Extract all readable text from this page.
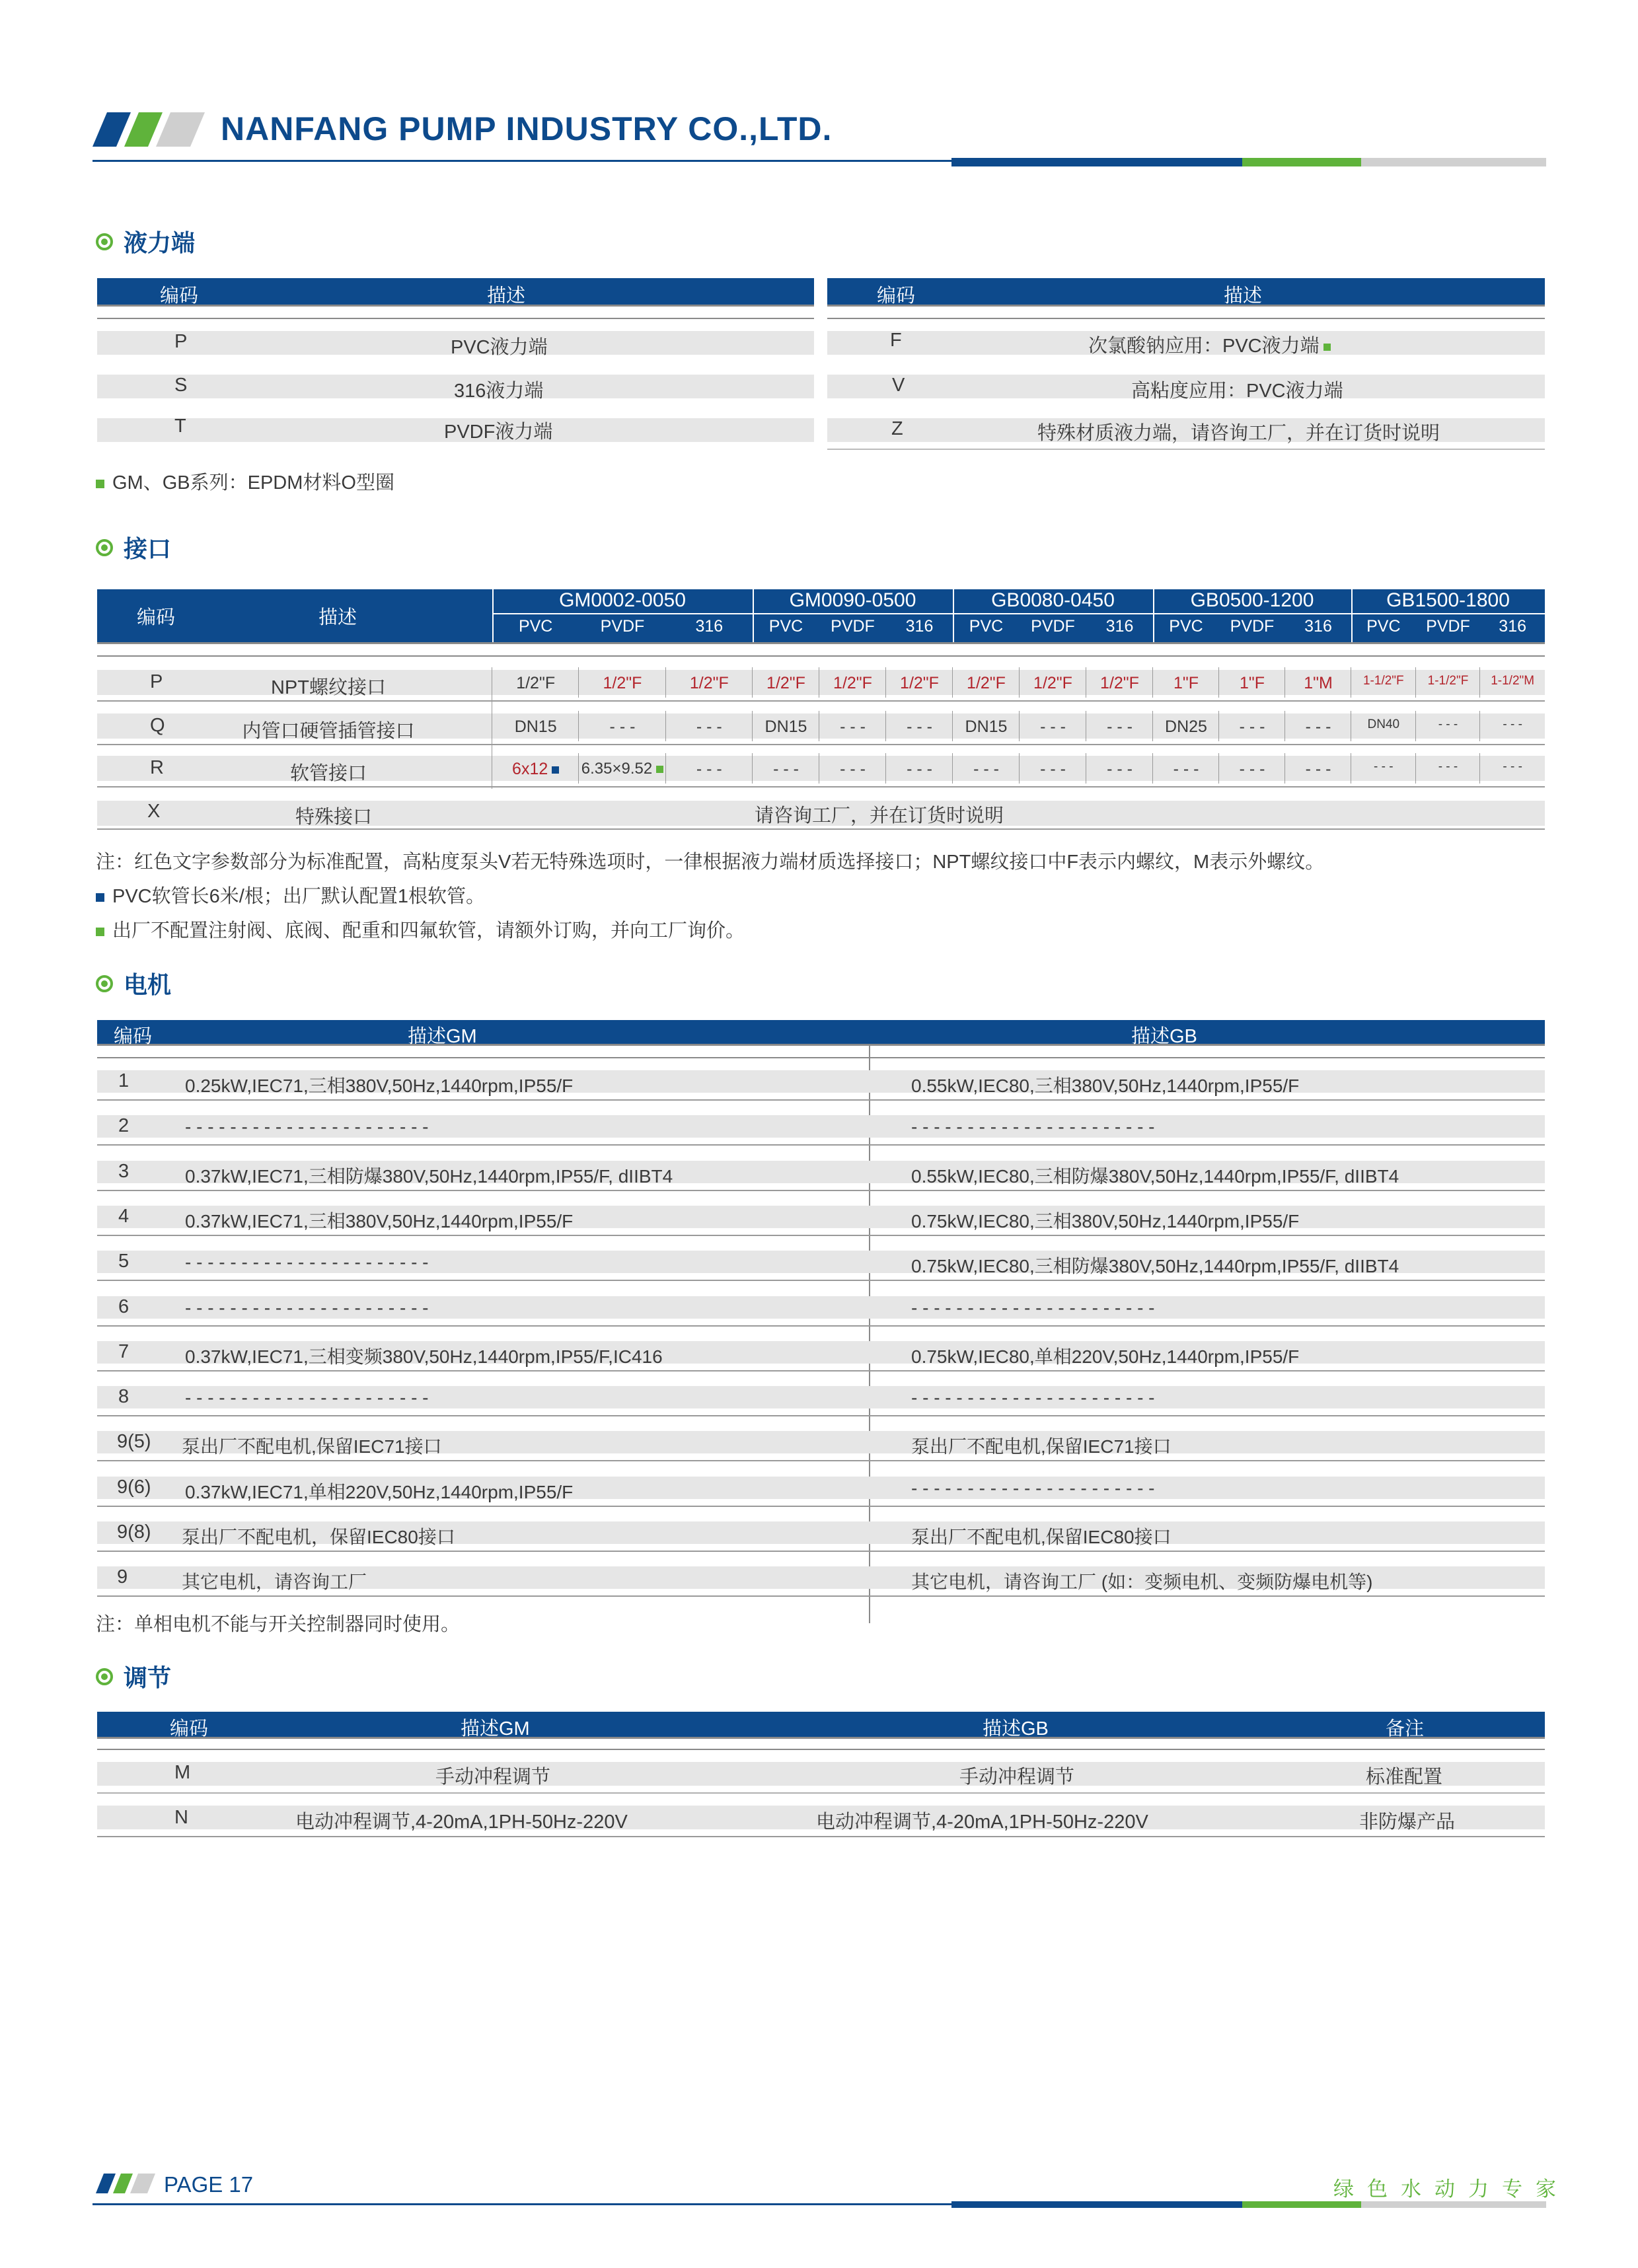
NANFANG PUMP INDUSTRY CO.,LTD.
液力端
编码	描述
P	PVC液力端
S	316液力端
T	PVDF液力端
编码	描述
F	次氯酸钠应用：PVC液力端
V	高粘度应用：PVC液力端
Z	特殊材质液力端，请咨询工厂，并在订货时说明
GM、GB系列：EPDM材料O型圈
接口
编码	描述
GM0002-0050
PVC	PVDF	316
GM0090-0500
PVC	PVDF	316
GB0080-0450
PVC	PVDF	316
GB0500-1200
PVC	PVDF	316
GB1500-1800
PVC	PVDF	316
P	NPT螺纹接口	1/2"F	1/2"F	1/2"F	1/2"F	1/2"F	1/2"F	1/2"F	1/2"F	1/2"F	1"F	1"F	1"M	1-1/2"F	1-1/2"F	1-1/2"M
Q	内管口硬管插管接口	DN15	- - -	- - -	DN15	- - -	- - -	DN15	- - -	- - -	DN25	- - -	- - -	DN40	- - -	- - -
R	软管接口	6x12	6.35×9.52	- - -	- - -	- - -	- - -	- - -	- - -	- - -	- - -	- - -	- - -	- - -	- - -	- - -
X	特殊接口	请咨询工厂，并在订货时说明
注：红色文字参数部分为标准配置，高粘度泵头V若无特殊选项时，一律根据液力端材质选择接口；NPT螺纹接口中F表示内螺纹，M表示外螺纹。
PVC软管长6米/根；出厂默认配置1根软管。
出厂不配置注射阀、底阀、配重和四氟软管，请额外订购，并向工厂询价。
电机
编码	描述GM	描述GB
1	0.25kW,IEC71,三相380V,50Hz,1440rpm,IP55/F	0.55kW,IEC80,三相380V,50Hz,1440rpm,IP55/F
2	- - - - - - - - - - - - - - - - - - - - - -	- - - - - - - - - - - - - - - - - - - - - -
3	0.37kW,IEC71,三相防爆380V,50Hz,1440rpm,IP55/F, dIIBT4	0.55kW,IEC80,三相防爆380V,50Hz,1440rpm,IP55/F, dIIBT4
4	0.37kW,IEC71,三相380V,50Hz,1440rpm,IP55/F	0.75kW,IEC80,三相380V,50Hz,1440rpm,IP55/F
5	- - - - - - - - - - - - - - - - - - - - - -	0.75kW,IEC80,三相防爆380V,50Hz,1440rpm,IP55/F, dIIBT4
6	- - - - - - - - - - - - - - - - - - - - - -	- - - - - - - - - - - - - - - - - - - - - -
7	0.37kW,IEC71,三相变频380V,50Hz,1440rpm,IP55/F,IC416	0.75kW,IEC80,单相220V,50Hz,1440rpm,IP55/F
8	- - - - - - - - - - - - - - - - - - - - - -	- - - - - - - - - - - - - - - - - - - - - -
9(5) 泵出厂不配电机,保留IEC71接口	泵出厂不配电机,保留IEC71接口
9(6) 0.37kW,IEC71,单相220V,50Hz,1440rpm,IP55/F	- - - - - - - - - - - - - - - - - - - - - -
9(8) 泵出厂不配电机，保留IEC80接口	泵出厂不配电机,保留IEC80接口
9	其它电机，请咨询工厂	其它电机，请咨询工厂 (如：变频电机、变频防爆电机等)
注：单相电机不能与开关控制器同时使用。
调节
编码	描述GM	描述GB	备注
M	手动冲程调节	手动冲程调节	标准配置
N	电动冲程调节,4-20mA,1PH-50Hz-220V	电动冲程调节,4-20mA,1PH-50Hz-220V	非防爆产品
PAGE 17	绿色水动力专家
